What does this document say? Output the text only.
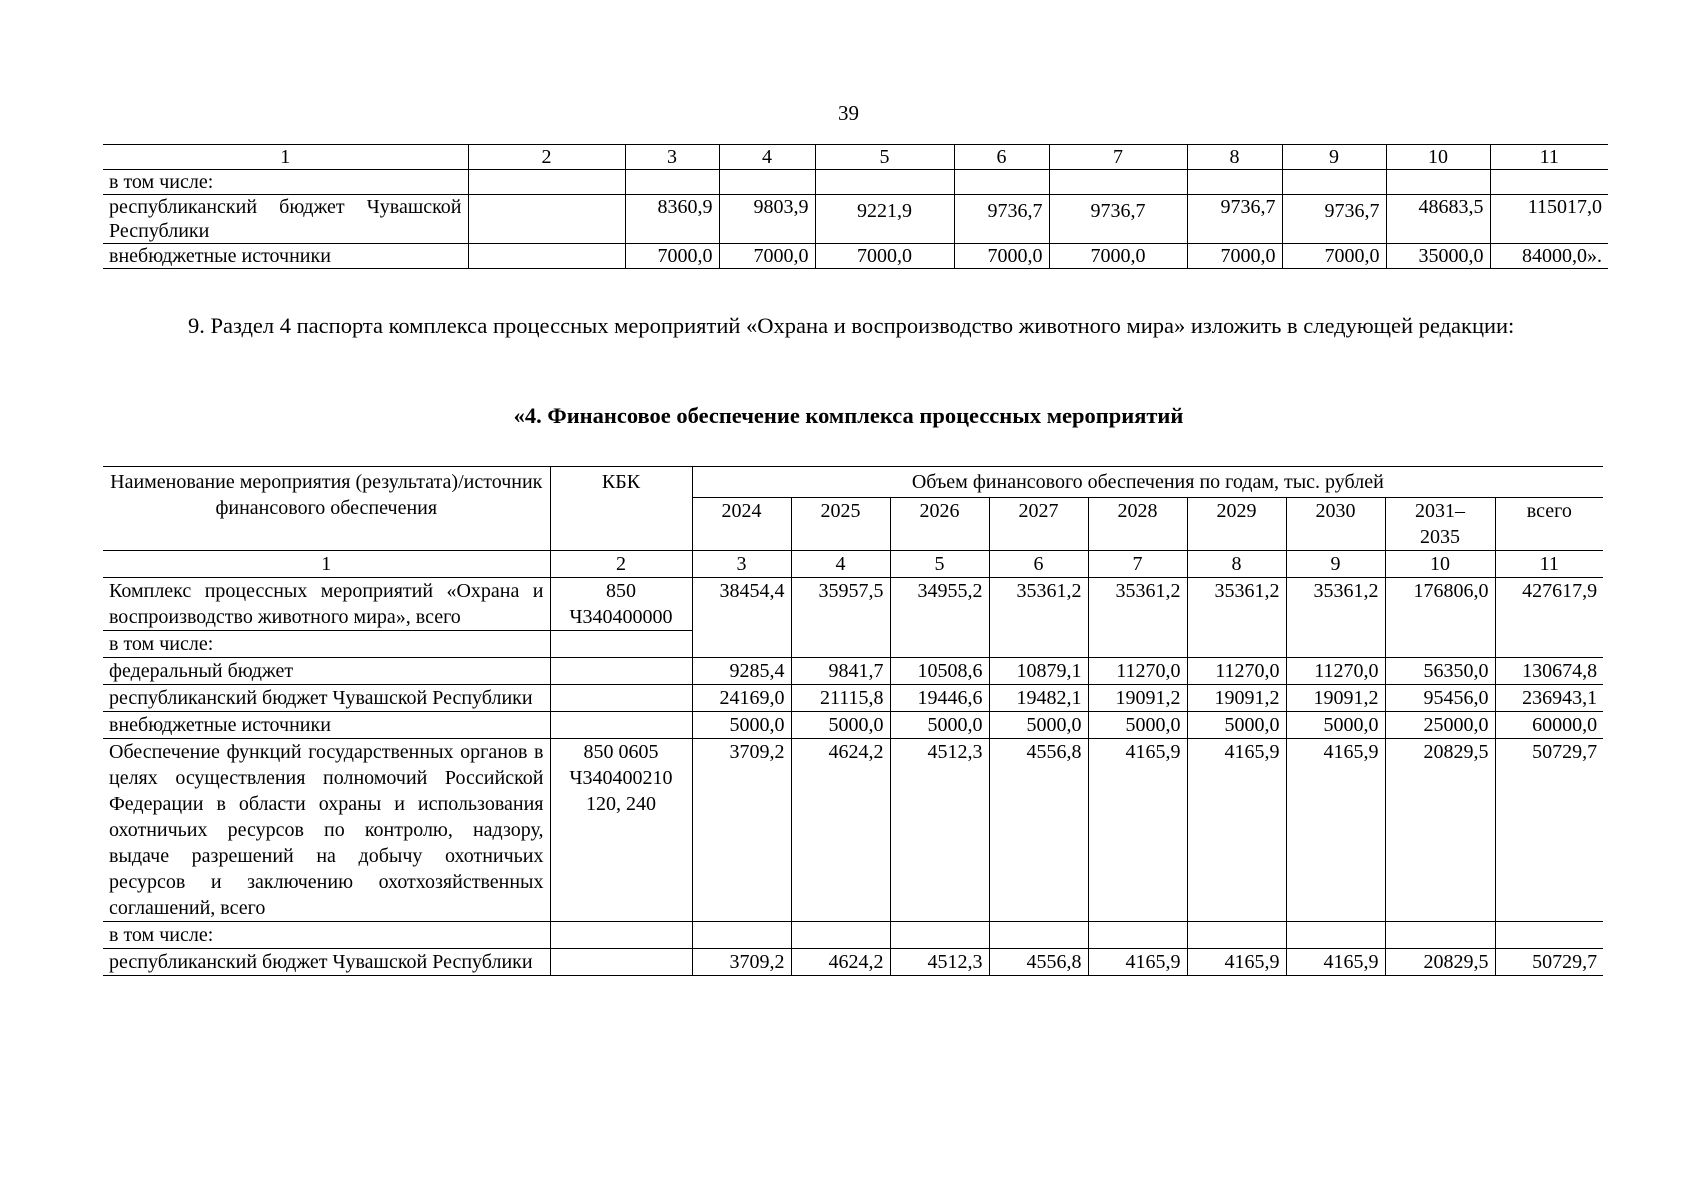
39
1	2	3	4	5	6	7	8	9	10	11
в том числе:										
республиканский бюджет Чувашской Республики		8360,9	9803,9	9221,9	9736,7	9736,7	9736,7	9736,7	48683,5	115017,0
внебюджетные источники		7000,0	7000,0	7000,0	7000,0	7000,0	7000,0	7000,0	35000,0	84000,0».
9. Раздел 4 паспорта комплекса процессных мероприятий «Охрана и воспроизводство животного мира» изложить в следующей редакции:
«4. Финансовое обеспечение комплекса процессных мероприятий
Наименование мероприятия (результата)/источник финансового обеспечения	КБК	Объем финансового обеспечения по годам, тыс. рублей								
		2024	2025	2026	2027	2028	2029	2030	2031–2035	всего
1	2	3	4	5	6	7	8	9	10	11
Комплекс процессных мероприятий «Охрана и воспроизводство животного мира», всего	850 Ч340400000	38454,4	35957,5	34955,2	35361,2	35361,2	35361,2	35361,2	176806,0	427617,9
в том числе:										
федеральный бюджет		9285,4	9841,7	10508,6	10879,1	11270,0	11270,0	11270,0	56350,0	130674,8
республиканский бюджет Чувашской Республики		24169,0	21115,8	19446,6	19482,1	19091,2	19091,2	19091,2	95456,0	236943,1
внебюджетные источники		5000,0	5000,0	5000,0	5000,0	5000,0	5000,0	5000,0	25000,0	60000,0
Обеспечение функций государственных органов в целях осуществления полномочий Российской Федерации в области охраны и использования охотничьих ресурсов по контролю, надзору, выдаче разрешений на добычу охотничьих ресурсов и заключению охотхозяйственных соглашений, всего	850 0605 Ч340400210 120, 240	3709,2	4624,2	4512,3	4556,8	4165,9	4165,9	4165,9	20829,5	50729,7
в том числе:										
республиканский бюджет Чувашской Республики		3709,2	4624,2	4512,3	4556,8	4165,9	4165,9	4165,9	20829,5	50729,7
